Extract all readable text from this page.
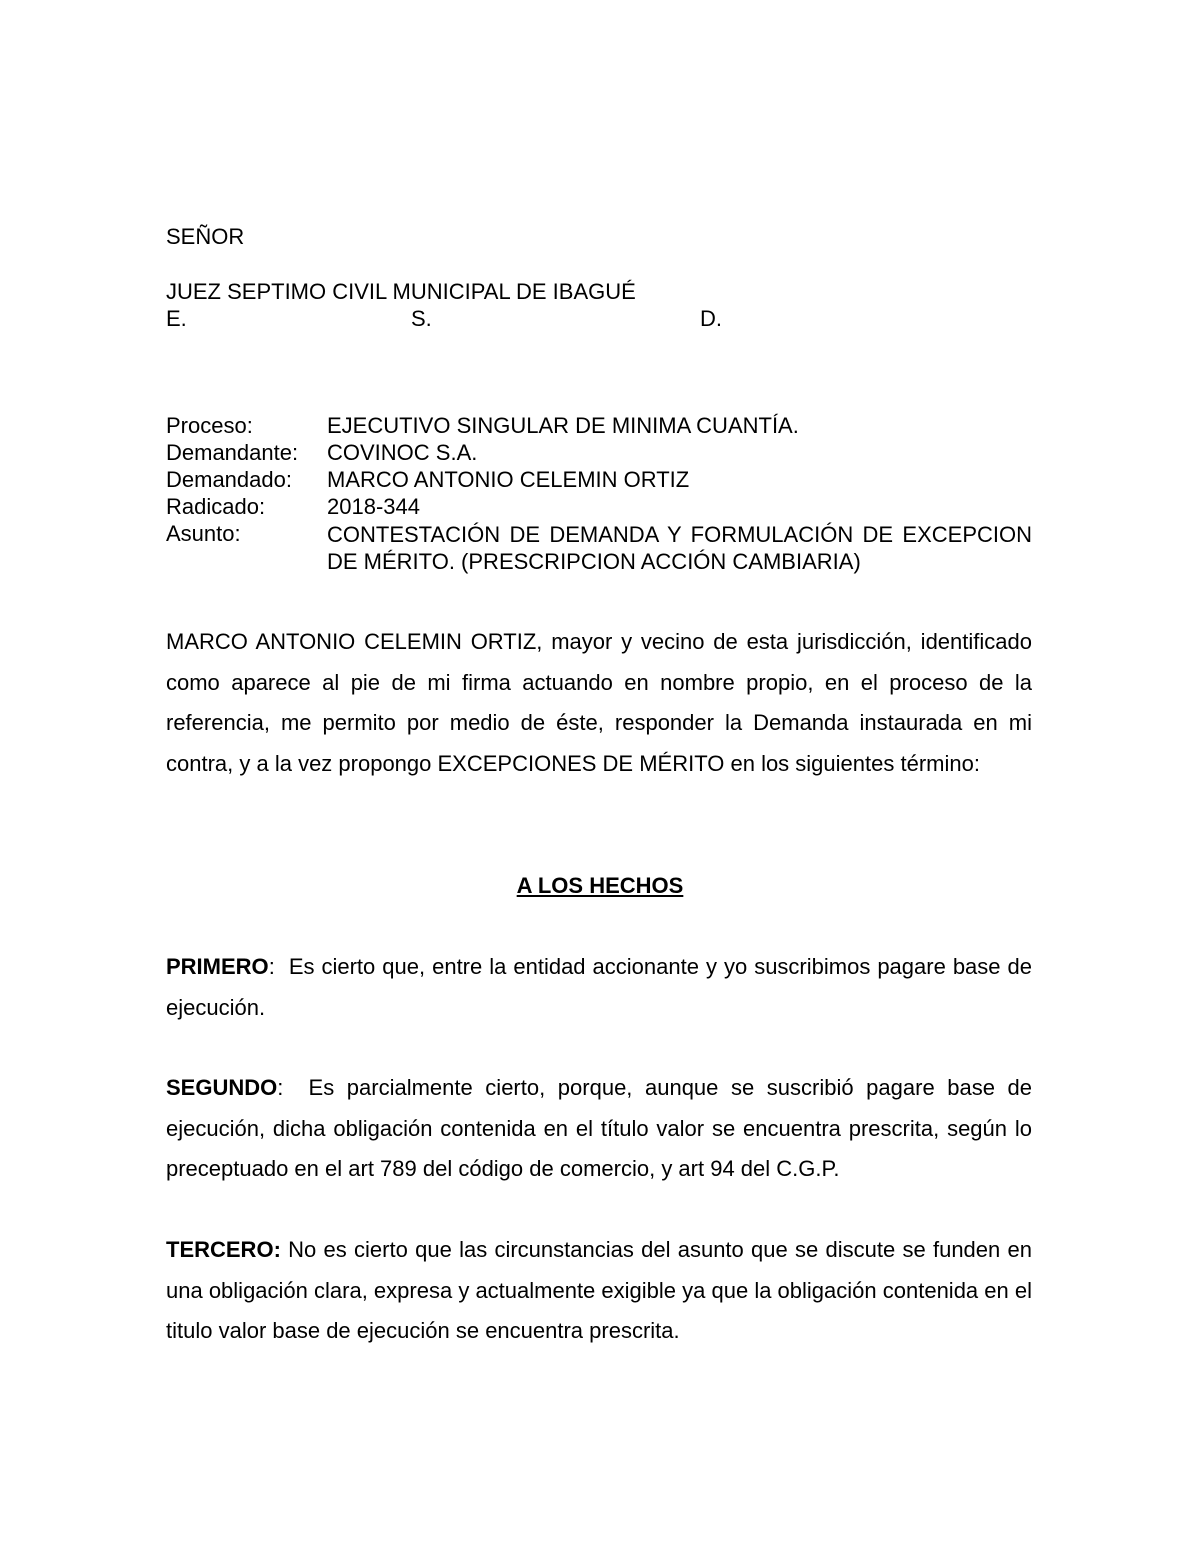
SEÑOR
JUEZ SEPTIMO CIVIL MUNICIPAL DE IBAGUÉ
E.	S.	D.
Proceso:	EJECUTIVO SINGULAR DE MINIMA CUANTÍA.
Demandante: COVINOC S.A.
Demandado: MARCO ANTONIO CELEMIN ORTIZ
Radicado:	2018-344
Asunto:	CONTESTACIÓN DE DEMANDA Y FORMULACIÓN DE EXCEPCION DE MÉRITO. (PRESCRIPCION ACCIÓN CAMBIARIA)
MARCO ANTONIO CELEMIN ORTIZ, mayor y vecino de esta jurisdicción, identificado como aparece al pie de mi firma actuando en nombre propio, en el proceso de la referencia, me permito por medio de éste, responder la Demanda instaurada en mi contra, y a la vez propongo EXCEPCIONES DE MÉRITO en los siguientes término:
A LOS HECHOS
PRIMERO:  Es cierto que, entre la entidad accionante y yo suscribimos pagare base de ejecución.
SEGUNDO:  Es parcialmente cierto, porque, aunque se suscribió pagare base de ejecución, dicha obligación contenida en el título valor se encuentra prescrita, según lo preceptuado en el art 789 del código de comercio, y art 94 del C.G.P.
TERCERO: No es cierto que las circunstancias del asunto que se discute se funden en una obligación clara, expresa y actualmente exigible ya que la obligación contenida en el titulo valor base de ejecución se encuentra prescrita.
